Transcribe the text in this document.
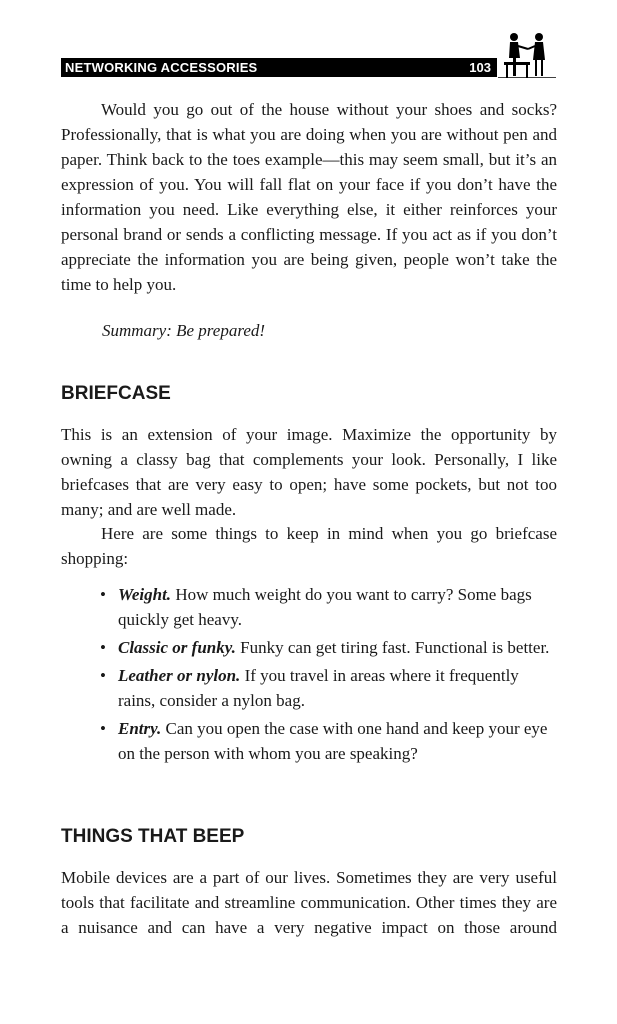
NETWORKING ACCESSORIES	103

Would you go out of the house without your shoes and socks? Professionally, that is what you are doing when you are without pen and paper. Think back to the toes example—this may seem small, but it’s an expression of you. You will fall flat on your face if you don’t have the information you need. Like everything else, it either reinforces your personal brand or sends a conflicting message. If you act as if you don’t appreciate the information you are being given, people won’t take the time to help you.

Summary: Be prepared!

BRIEFCASE

This is an extension of your image. Maximize the opportunity by owning a classy bag that complements your look. Personally, I like briefcases that are very easy to open; have some pockets, but not too many; and are well made.

Here are some things to keep in mind when you go briefcase shopping:

• Weight. How much weight do you want to carry? Some bags quickly get heavy.
• Classic or funky. Funky can get tiring fast. Functional is better.
• Leather or nylon. If you travel in areas where it frequently rains, consider a nylon bag.
• Entry. Can you open the case with one hand and keep your eye on the person with whom you are speaking?
THINGS THAT BEEP

Mobile devices are a part of our lives. Sometimes they are very useful tools that facilitate and streamline communication. Other times they are a nuisance and can have a very negative impact on those around
